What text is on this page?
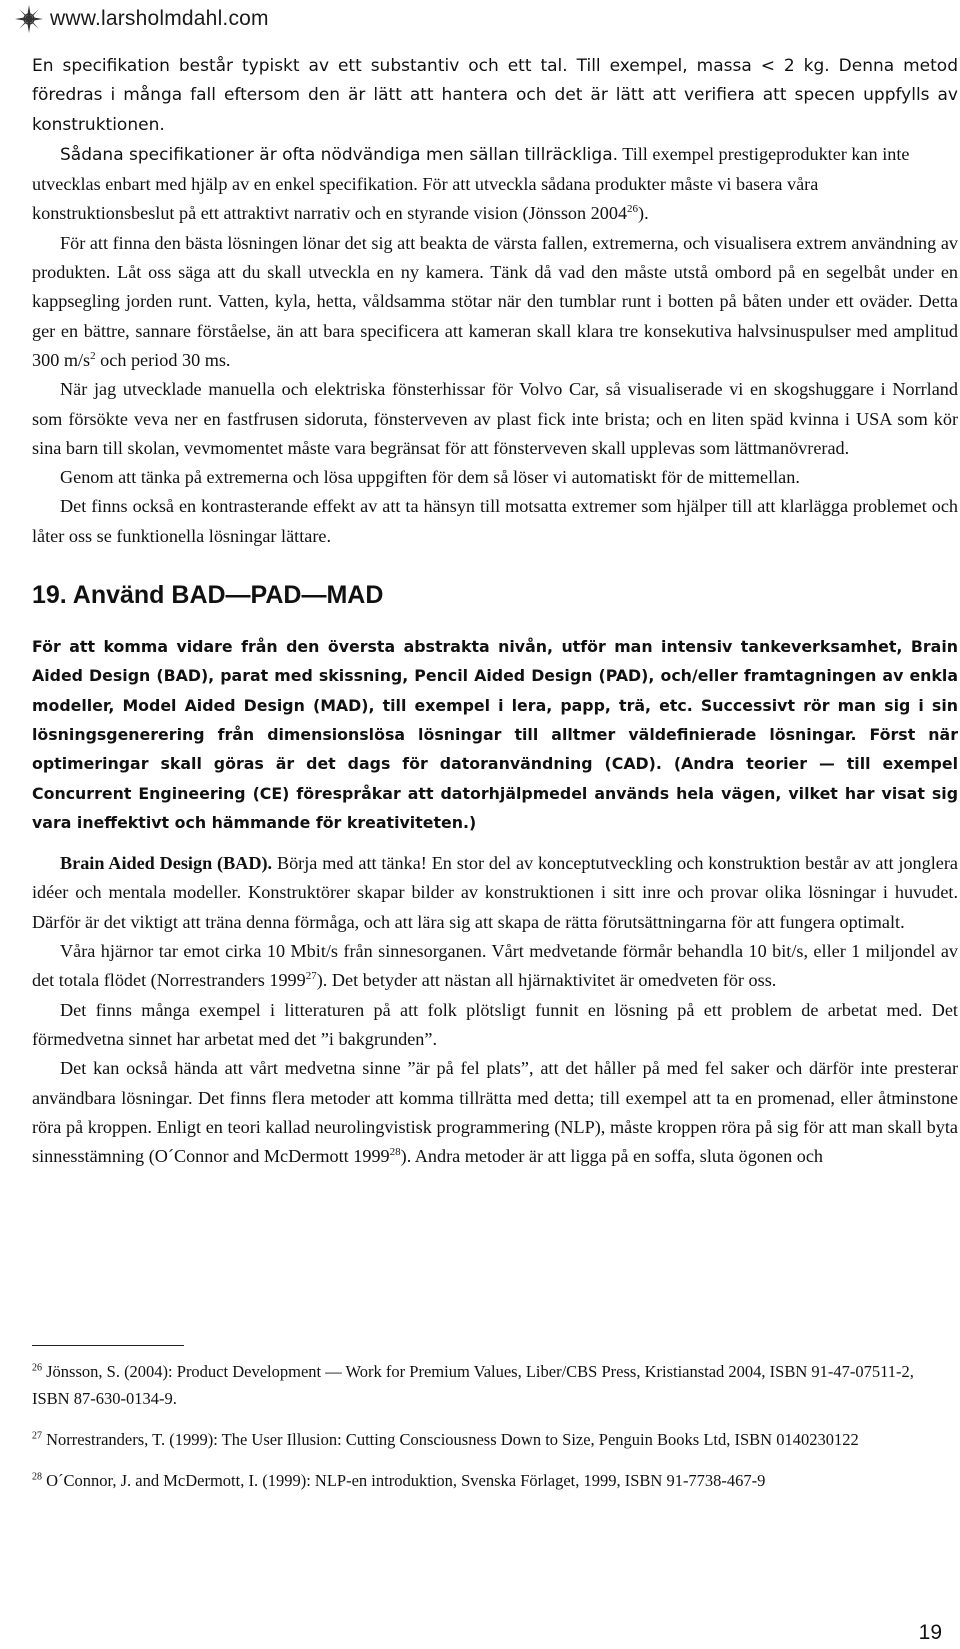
www.larsholmdahl.com

En specifikation består typiskt av ett substantiv och ett tal. Till exempel, massa < 2 kg. Denna metod föredras i många fall eftersom den är lätt att hantera och det är lätt att verifiera att specen uppfylls av konstruktionen.

Sådana specifikationer är ofta nödvändiga men sällan tillräckliga. Till exempel prestigeprodukter kan inte utvecklas enbart med hjälp av en enkel specifikation. För att utveckla sådana produkter måste vi basera våra konstruktionsbeslut på ett attraktivt narrativ och en styrande vision (Jönsson 2004$^{26}$).

För att finna den bästa lösningen lönar det sig att beakta de värsta fallen, extremerna, och visualisera extrem användning av produkten. Låt oss säga att du skall utveckla en ny kamera. Tänk då vad den måste utstå ombord på en segelbåt under en kappsegling jorden runt. Vatten, kyla, hetta, våldsamma stötar när den tumblar runt i botten på båten under ett oväder. Detta ger en bättre, sannare förståelse, än att bara specificera att kameran skall klara tre konsekutiva halvsinuspulser med amplitud 300 $m/s^2$ och period 30 ms.

När jag utvecklade manuella och elektriska fönsterhissar för Volvo Car, så visualiserade vi en skogshuggare i Norrland som försökte veva ner en fastfrusen sidoruta, fönsterveven av plast fick inte brista; och en liten späd kvinna i USA som kör sina barn till skolan, vevmomentet måste vara begränsat för att fönsterveven skall upplevas som lättmanövrerad.

Genom att tänka på extremerna och lösa uppgiften för dem så löser vi automatiskt för de mittemellan.

Det finns också en kontrasterande effekt av att ta hänsyn till motsatta extremer som hjälper till att klarlägga problemet och låter oss se funktionella lösningar lättare.

19. Använd BAD—PAD—MAD

För att komma vidare från den översta abstrakta nivån, utför man intensiv tankeverksamhet, Brain Aided Design (BAD), parat med skissning, Pencil Aided Design (PAD), och/eller framtagningen av enkla modeller, Model Aided Design (MAD), till exempel i lera, papp, trä, etc. Successivt rör man sig i sin lösningsgenerering från dimensionslösa lösningar till alltmer väldefinierade lösningar. Först när optimeringar skall göras är det dags för datoranvändning (CAD). (Andra teorier — till exempel Concurrent Engineering (CE) förespråkar att datorhjälpmedel används hela vägen, vilket har visat sig vara ineffektivt och hämmande för kreativiteten.)

Brain Aided Design (BAD). Börja med att tänka! En stor del av konceptutveckling och konstruktion består av att jonglera idéer och mentala modeller. Konstruktörer skapar bilder av konstruktionen i sitt inre och provar olika lösningar i huvudet. Därför är det viktigt att träna denna förmåga, och att lära sig att skapa de rätta förutsättningarna för att fungera optimalt.

Våra hjärnor tar emot cirka 10 Mbit/s från sinnesorganen. Vårt medvetande förmår behandla 10 bit/s, eller 1 miljondel av det totala flödet (Norrestranders 1999$^{27}$). Det betyder att nästan all hjärnaktivitet är omedveten för oss.

Det finns många exempel i litteraturen på att folk plötsligt funnit en lösning på ett problem de arbetat med. Det förmedvetna sinnet har arbetat med det ”i bakgrunden”.

Det kan också hända att vårt medvetna sinne ”är på fel plats”, att det håller på med fel saker och därför inte presterar användbara lösningar. Det finns flera metoder att komma tillrätta med detta; till exempel att ta en promenad, eller åtminstone röra på kroppen. Enligt en teori kallad neurolingvistisk programmering (NLP), måste kroppen röra på sig för att man skall byta sinnesstämning (O´Connor and McDermott 1999$^{28}$). Andra metoder är att ligga på en soffa, sluta ögonen och

$^{26}$ Jönsson, S. (2004): Product Development — Work for Premium Values, Liber/CBS Press, Kristianstad 2004, ISBN 91-47-07511-2, ISBN 87-630-0134-9.

$^{27}$ Norrestranders, T. (1999): The User Illusion: Cutting Consciousness Down to Size, Penguin Books Ltd, ISBN 0140230122

$^{28}$ O´Connor, J. and McDermott, I. (1999): NLP-en introduktion, Svenska Förlaget, 1999, ISBN 91-7738-467-9

19
